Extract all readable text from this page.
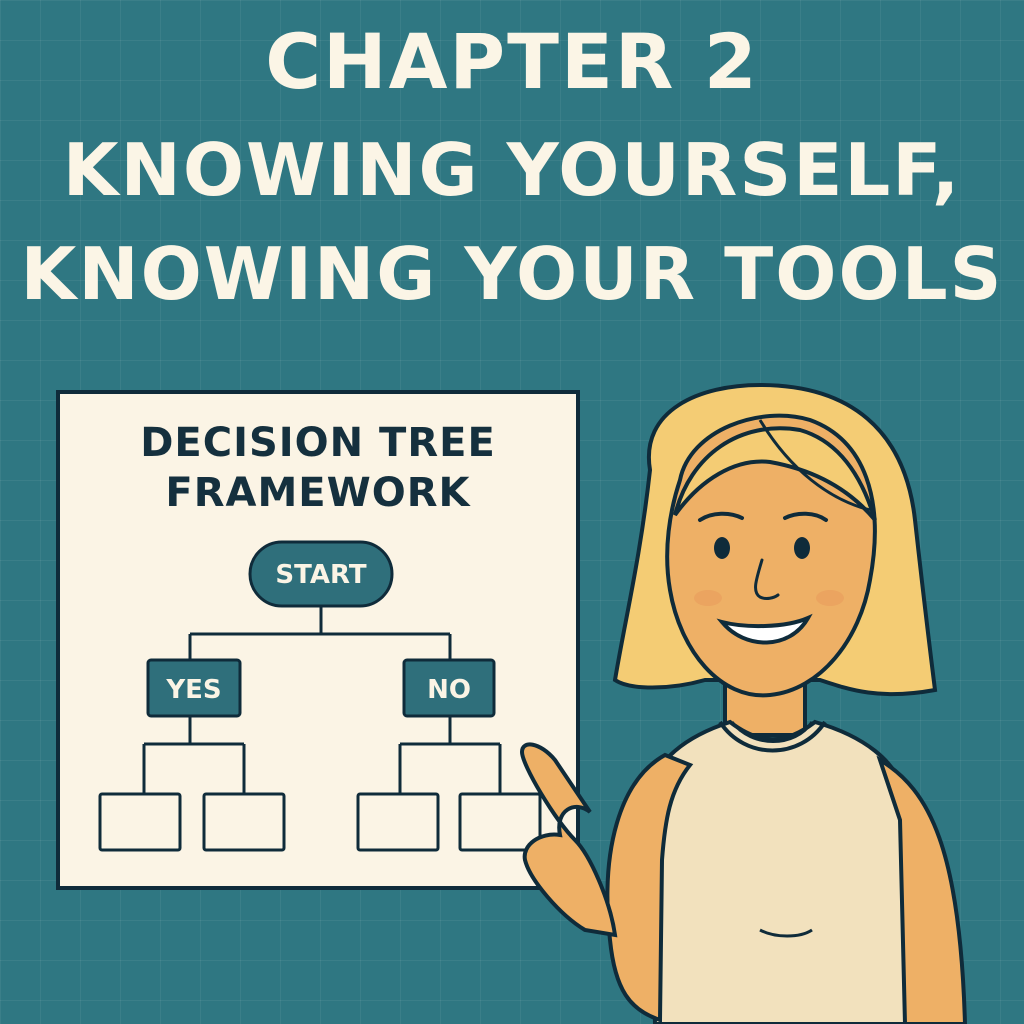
CHAPTER 2
KNOWING YOURSELF,
KNOWING YOUR TOOLS
DECISION TREE
FRAMEWORK
START
YES	NO
